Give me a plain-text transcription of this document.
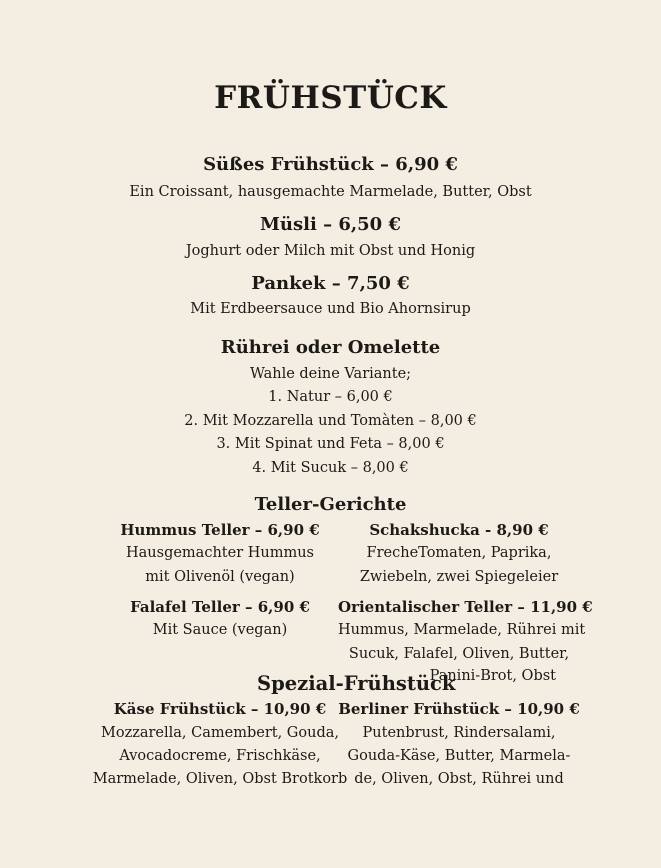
FRÜHSTÜCK
Süßes Frühstück – 6,90 €
Ein Croissant, hausgemachte Marmelade, Butter, Obst
Müsli – 6,50 €
Joghurt oder Milch mit Obst und Honig
Pankek – 7,50 €
Mit Erdbeersauce und Bio Ahornsirup
Rührei oder Omelette
Wahle deine Variante;
1. Natur – 6,00 €
2. Mit Mozzarella und Tomàten – 8,00 €
3. Mit Spinat und Feta – 8,00 €
4. Mit Sucuk – 8,00 €
Teller-Gerichte
Hummus Teller – 6,90 €
Hausgemachter Hummus
mit Olivenöl (vegan)
Falafel Teller – 6,90 €
Mit Sauce (vegan)
Schakshucka - 8,90 €
FrecheTomaten, Paprika,
Zwiebeln, zwei Spiegeleier
Orientalischer Teller – 11,90 €
Hummus, Marmelade, Rührei mit
Sucuk, Falafel, Oliven, Butter,
Panini-Brot, Obst
Spezial-Frühstück
Käse Frühstück – 10,90 €
Mozzarella, Camembert, Gouda,
Avocadocreme, Frischkäse,
Marmelade, Oliven, Obst Brotkorb
Berliner Frühstück – 10,90 €
Putenbrust, Rindersalami,
Gouda-Käse, Butter, Marmela-
de, Oliven, Obst, Rührei und
